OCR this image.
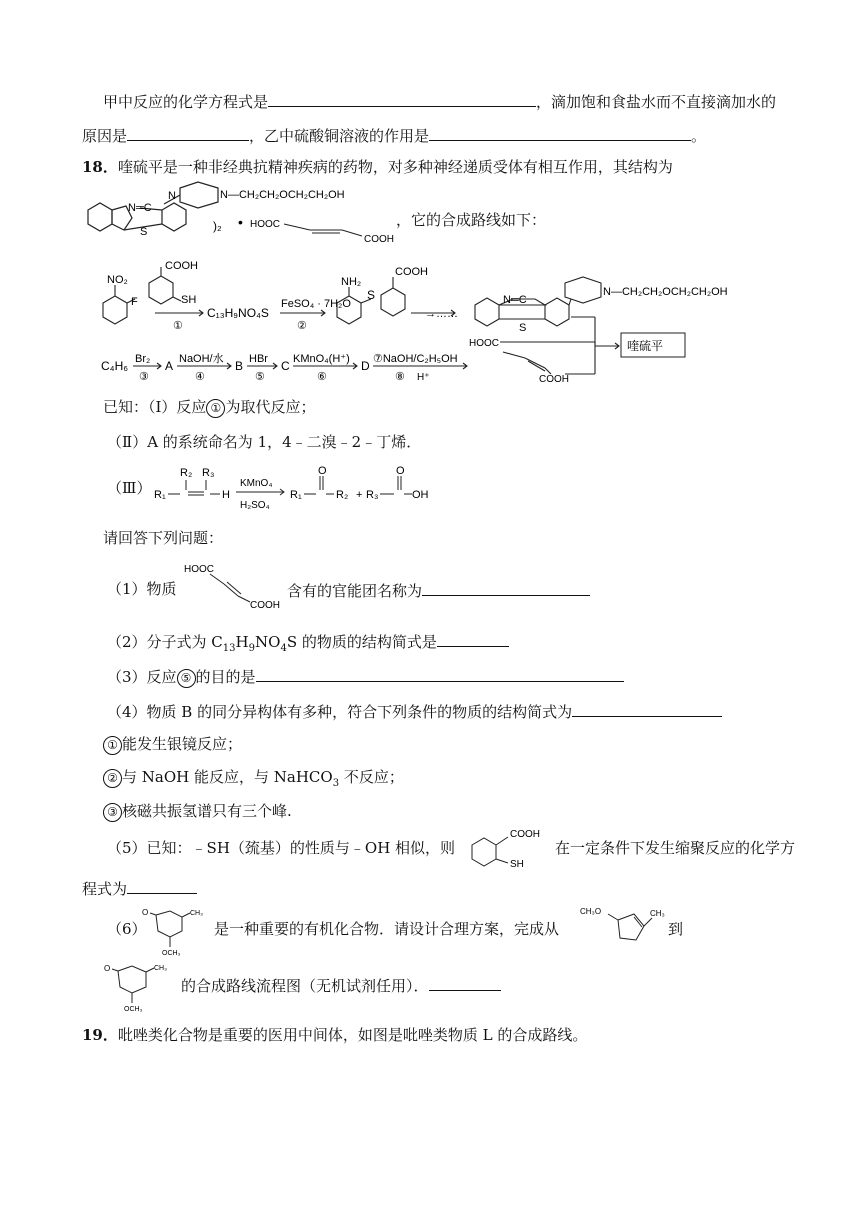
甲中反应的化学方程式是	，滴加饱和食盐水而不直接滴加水的
原因是	，乙中硫酸铜溶液的作用是	。
18．喹硫平是一种非经典抗精神疾病的药物，对多种神经递质受体有相互作用，其结构为
N═C
N	N—CH₂CH₂OCH₂CH₂OH
S	)₂ • HOOC
COOH
，它的合成路线如下：
NO₂
F
COOH
SH
①
C₁₃H₉NO₄S
FeSO₄ · 7H₂O
②
NH₂
S
COOH
→……
N═C
N—CH₂CH₂OCH₂CH₂OH
S
C₄H₆ Br₂
③
A NaOH/水
④
B HBr
⑤
C KMnO₄(H⁺)
⑥
D ⑦NaOH/C₂H₅OH
⑧ H⁺
HOOC
COOH
喹硫平
已知：（Ⅰ）反应 ① 为取代反应；
（Ⅱ）A 的系统命名为 1，4﹣二溴﹣2﹣丁烯．
（Ⅲ） R₁
R₂ R₃
H
KMnO₄
H₂SO₄
R₁
O
R₂ + R₃
O
OH
请回答下列问题：
（1）物质
HOOC
COOH
含有的官能团名称为
（2）分子式为 $C_{13}H_9NO_4S$ 的物质的结构简式是
（3）反应 ⑤ 的目的是
（4）物质 B 的同分异构体有多种，符合下列条件的物质的结构简式为
① 能发生银镜反应；
② 与 NaOH 能反应，与 NaHCO$_3$ 不反应；
③ 核磁共振氢谱只有三个峰.
（5）已知：﹣SH（巯基）的性质与﹣OH 相似，则
COOH
SH
在一定条件下发生缩聚反应的化学方
程式为
（6）
O	CH₃
OCH₃
是一种重要的有机化合物．请设计合理方案，完成从
CH₃O	CH₃
到
O	CH₃
OCH₃
的合成路线流程图（无机试剂任用）．
19．吡唑类化合物是重要的医用中间体，如图是吡唑类物质 L 的合成路线。
